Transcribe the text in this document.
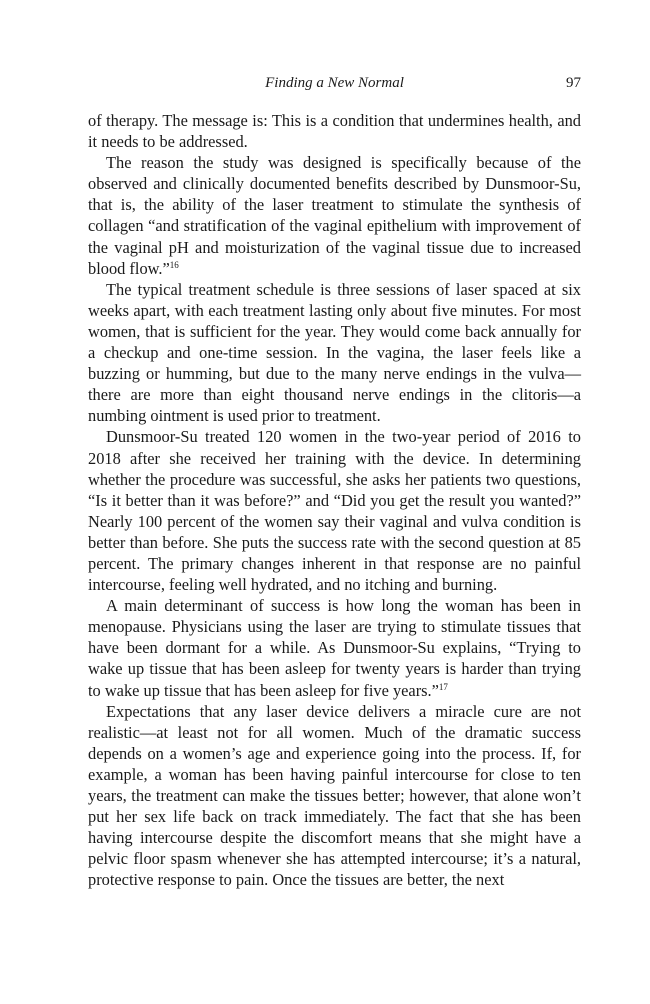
Finding a New Normal	97

of therapy. The message is: This is a condition that undermines health, and it needs to be addressed.

The reason the study was designed is specifically because of the observed and clinically documented benefits described by Dunsmoor-Su, that is, the ability of the laser treatment to stimulate the synthesis of collagen “and stratification of the vaginal epithelium with improvement of the vaginal pH and moisturization of the vaginal tissue due to increased blood flow.”$^{16}$

The typical treatment schedule is three sessions of laser spaced at six weeks apart, with each treatment lasting only about five minutes. For most women, that is sufficient for the year. They would come back annually for a checkup and one-time session. In the vagina, the laser feels like a buzzing or humming, but due to the many nerve endings in the vulva—there are more than eight thousand nerve endings in the clitoris—a numbing ointment is used prior to treatment.

Dunsmoor-Su treated 120 women in the two-year period of 2016 to 2018 after she received her training with the device. In determining whether the procedure was successful, she asks her patients two questions, “Is it better than it was before?” and “Did you get the result you wanted?” Nearly 100 percent of the women say their vaginal and vulva condition is better than before. She puts the success rate with the second question at 85 percent. The primary changes inherent in that response are no painful intercourse, feeling well hydrated, and no itching and burning.

A main determinant of success is how long the woman has been in menopause. Physicians using the laser are trying to stimulate tissues that have been dormant for a while. As Dunsmoor-Su explains, “Trying to wake up tissue that has been asleep for twenty years is harder than trying to wake up tissue that has been asleep for five years.”$^{17}$

Expectations that any laser device delivers a miracle cure are not realistic—at least not for all women. Much of the dramatic success depends on a women’s age and experience going into the process. If, for example, a woman has been having painful intercourse for close to ten years, the treatment can make the tissues better; however, that alone won’t put her sex life back on track immediately. The fact that she has been having intercourse despite the discomfort means that she might have a pelvic floor spasm whenever she has attempted intercourse; it’s a natural, protective response to pain. Once the tissues are better, the next
